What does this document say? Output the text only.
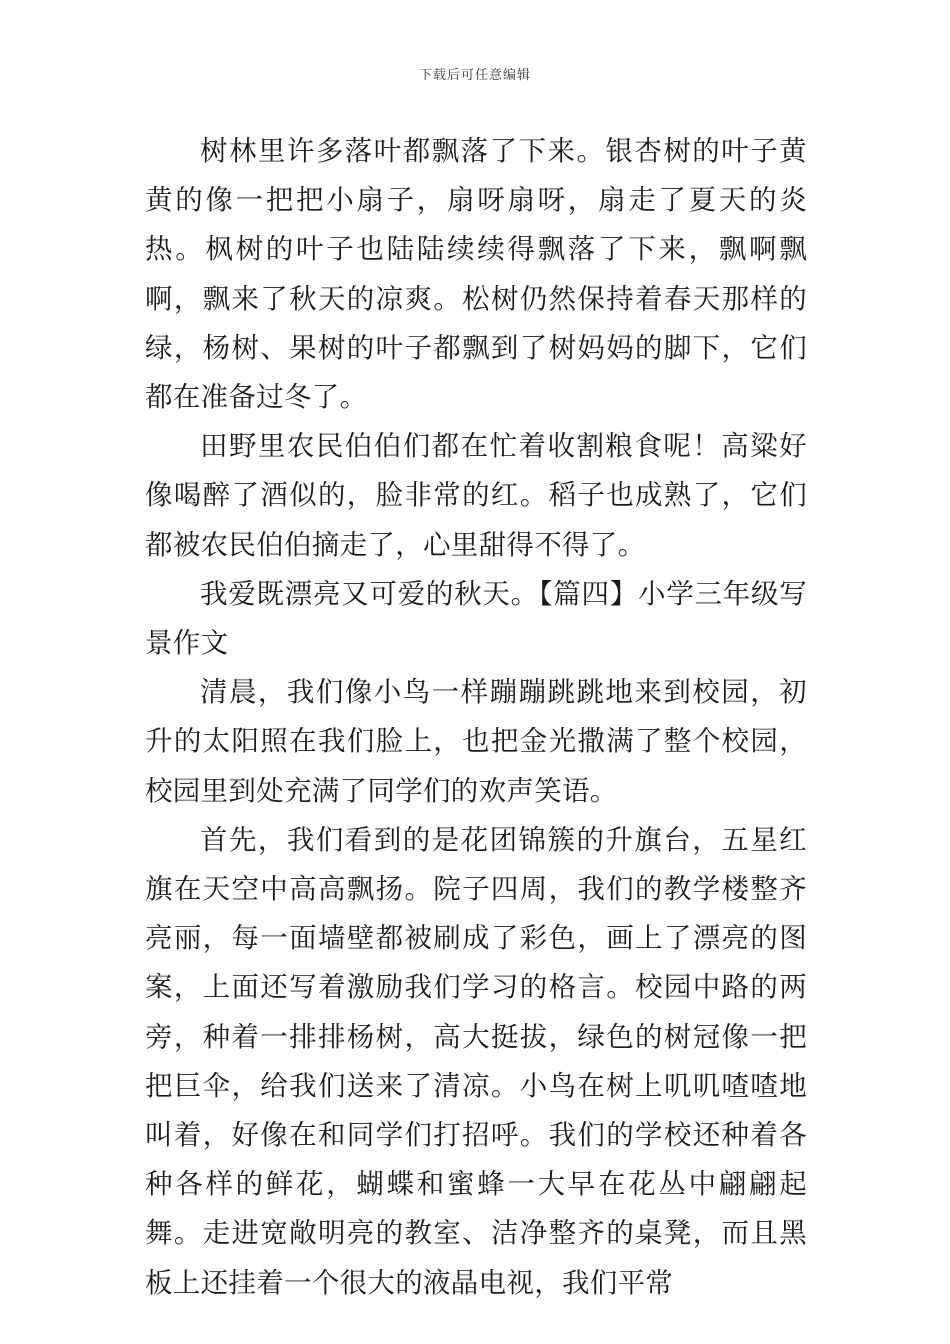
下载后可任意编辑

树林里许多落叶都飘落了下来。银杏树的叶子黄黄的像一把把小扇子，扇呀扇呀，扇走了夏天的炎热。枫树的叶子也陆陆续续得飘落了下来，飘啊飘啊，飘来了秋天的凉爽。松树仍然保持着春天那样的绿，杨树、果树的叶子都飘到了树妈妈的脚下，它们都在准备过冬了。

田野里农民伯伯们都在忙着收割粮食呢！高粱好像喝醉了酒似的，脸非常的红。稻子也成熟了，它们都被农民伯伯摘走了，心里甜得不得了。

我爱既漂亮又可爱的秋天。【篇四】小学三年级写景作文

清晨，我们像小鸟一样蹦蹦跳跳地来到校园，初升的太阳照在我们脸上，也把金光撒满了整个校园，校园里到处充满了同学们的欢声笑语。

首先，我们看到的是花团锦簇的升旗台，五星红旗在天空中高高飘扬。院子四周，我们的教学楼整齐亮丽，每一面墙壁都被刷成了彩色，画上了漂亮的图案，上面还写着激励我们学习的格言。校园中路的两旁，种着一排排杨树，高大挺拔，绿色的树冠像一把把巨伞，给我们送来了清凉。小鸟在树上叽叽喳喳地叫着，好像在和同学们打招呼。我们的学校还种着各种各样的鲜花，蝴蝶和蜜蜂一大早在花丛中翩翩起舞。走进宽敞明亮的教室、洁净整齐的桌凳，而且黑板上还挂着一个很大的液晶电视，我们平常
